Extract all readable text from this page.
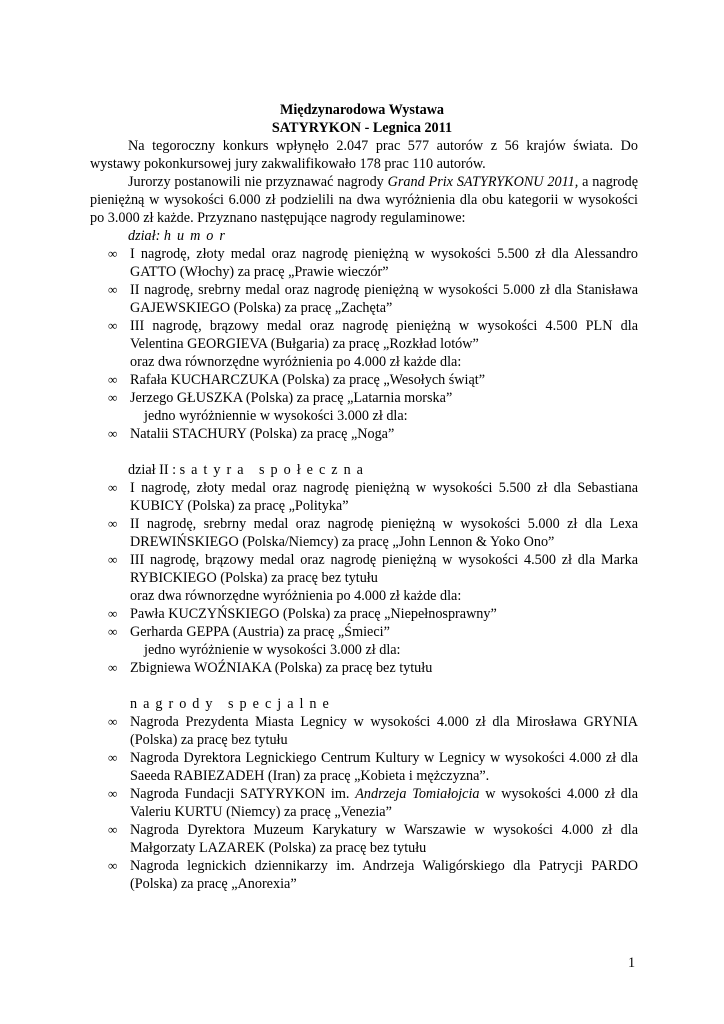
Międzynarodowa Wystawa
SATYRYKON - Legnica 2011
Na tegoroczny konkurs wpłynęło 2.047 prac 577 autorów z 56 krajów świata. Do wystawy pokonkursowej jury zakwalifikowało 178 prac 110 autorów.
Jurorzy postanowili nie przyznawać nagrody Grand Prix SATYRYKONU 2011, a nagrodę pieniężną w wysokości 6.000 zł podzielili na dwa wyróżnienia dla obu kategorii w wysokości po 3.000 zł każde. Przyznano następujące nagrody regulaminowe:
dział: humor
∞ I nagrodę, złoty medal oraz nagrodę pieniężną w wysokości 5.500 zł dla Alessandro GATTO (Włochy) za pracę „Prawie wieczór”
∞ II nagrodę, srebrny medal oraz nagrodę pieniężną w wysokości 5.000 zł dla Stanisława GAJEWSKIEGO (Polska) za pracę „Zachęta”
∞ III nagrodę, brązowy medal oraz nagrodę pieniężną w wysokości 4.500 PLN dla Velentina GEORGIEVA (Bułgaria) za pracę „Rozkład lotów”
oraz dwa równorzędne wyróżnienia po 4.000 zł każde dla:
∞ Rafała KUCHARCZUKA (Polska) za pracę „Wesołych świąt”
∞ Jerzego GŁUSZKA (Polska) za pracę „Latarnia morska”
jedno wyróżniennie w wysokości 3.000 zł dla:
∞ Natalii STACHURY (Polska) za pracę „Noga”
dział II : satyra społeczna
∞ I nagrodę, złoty medal oraz nagrodę pieniężną w wysokości 5.500 zł dla Sebastiana KUBICY (Polska) za pracę „Polityka”
∞ II nagrodę, srebrny medal oraz nagrodę pieniężną w wysokości 5.000 zł dla Lexa DREWIŃSKIEGO (Polska/Niemcy) za pracę „John Lennon & Yoko Ono”
∞ III nagrodę, brązowy medal oraz nagrodę pieniężną w wysokości 4.500 zł dla Marka RYBICKIEGO (Polska) za pracę bez tytułu
oraz dwa równorzędne wyróżnienia po 4.000 zł każde dla:
∞ Pawła KUCZYŃSKIEGO (Polska) za pracę „Niepełnosprawny”
∞ Gerharda GEPPA (Austria) za pracę „Śmieci”
jedno wyróżnienie w wysokości 3.000 zł dla:
∞ Zbigniewa WOŹNIAKA (Polska) za pracę bez tytułu
nagrody specjalne
∞ Nagroda Prezydenta Miasta Legnicy w wysokości 4.000 zł dla Mirosława GRYNIA (Polska) za pracę bez tytułu
∞ Nagroda Dyrektora Legnickiego Centrum Kultury w Legnicy w wysokości 4.000 zł dla Saeeda RABIEZADEH (Iran) za pracę „Kobieta i mężczyzna”.
∞ Nagroda Fundacji SATYRYKON im. Andrzeja Tomiałojcia w wysokości 4.000 zł dla Valeriu KURTU (Niemcy) za pracę „Venezia”
∞ Nagroda Dyrektora Muzeum Karykatury w Warszawie w wysokości 4.000 zł dla Małgorzaty LAZAREK (Polska) za pracę bez tytułu
∞ Nagroda legnickich dziennikarzy im. Andrzeja Waligórskiego dla Patrycji PARDO (Polska) za pracę „Anorexia”
1
